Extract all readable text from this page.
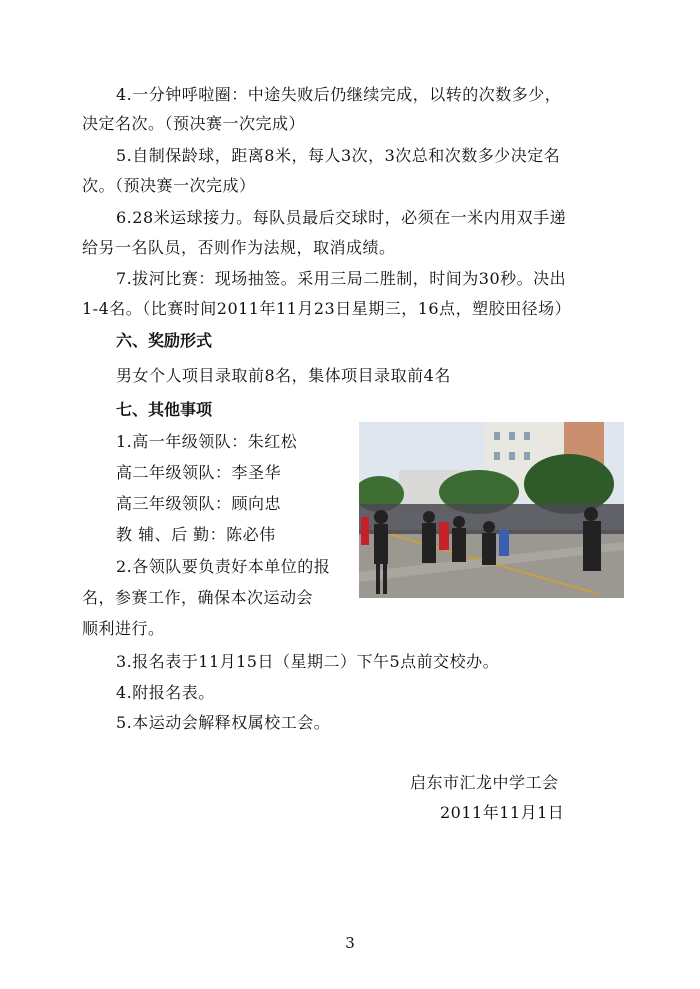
4.一分钟呼啦圈：中途失败后仍继续完成，以转的次数多少，
决定名次。（预决赛一次完成）
5.自制保龄球，距离8米，每人3次，3次总和次数多少决定名
次。（预决赛一次完成）
6.28米运球接力。每队员最后交球时，必须在一米内用双手递
给另一名队员，否则作为法规，取消成绩。
7.拔河比赛：现场抽签。采用三局二胜制，时间为30秒。决出
1-4名。（比赛时间2011年11月23日星期三，16点，塑胶田径场）
六、奖励形式
男女个人项目录取前8名，集体项目录取前4名
七、其他事项
1.高一年级领队：朱红松
高二年级领队：李圣华
高三年级领队：顾向忠
教 辅、后 勤：陈必伟
2.各领队要负责好本单位的报
名，参赛工作，确保本次运动会
顺利进行。
3.报名表于11月15日（星期二）下午5点前交校办。
4.附报名表。
5.本运动会解释权属校工会。
启东市汇龙中学工会
2011年11月1日
3
